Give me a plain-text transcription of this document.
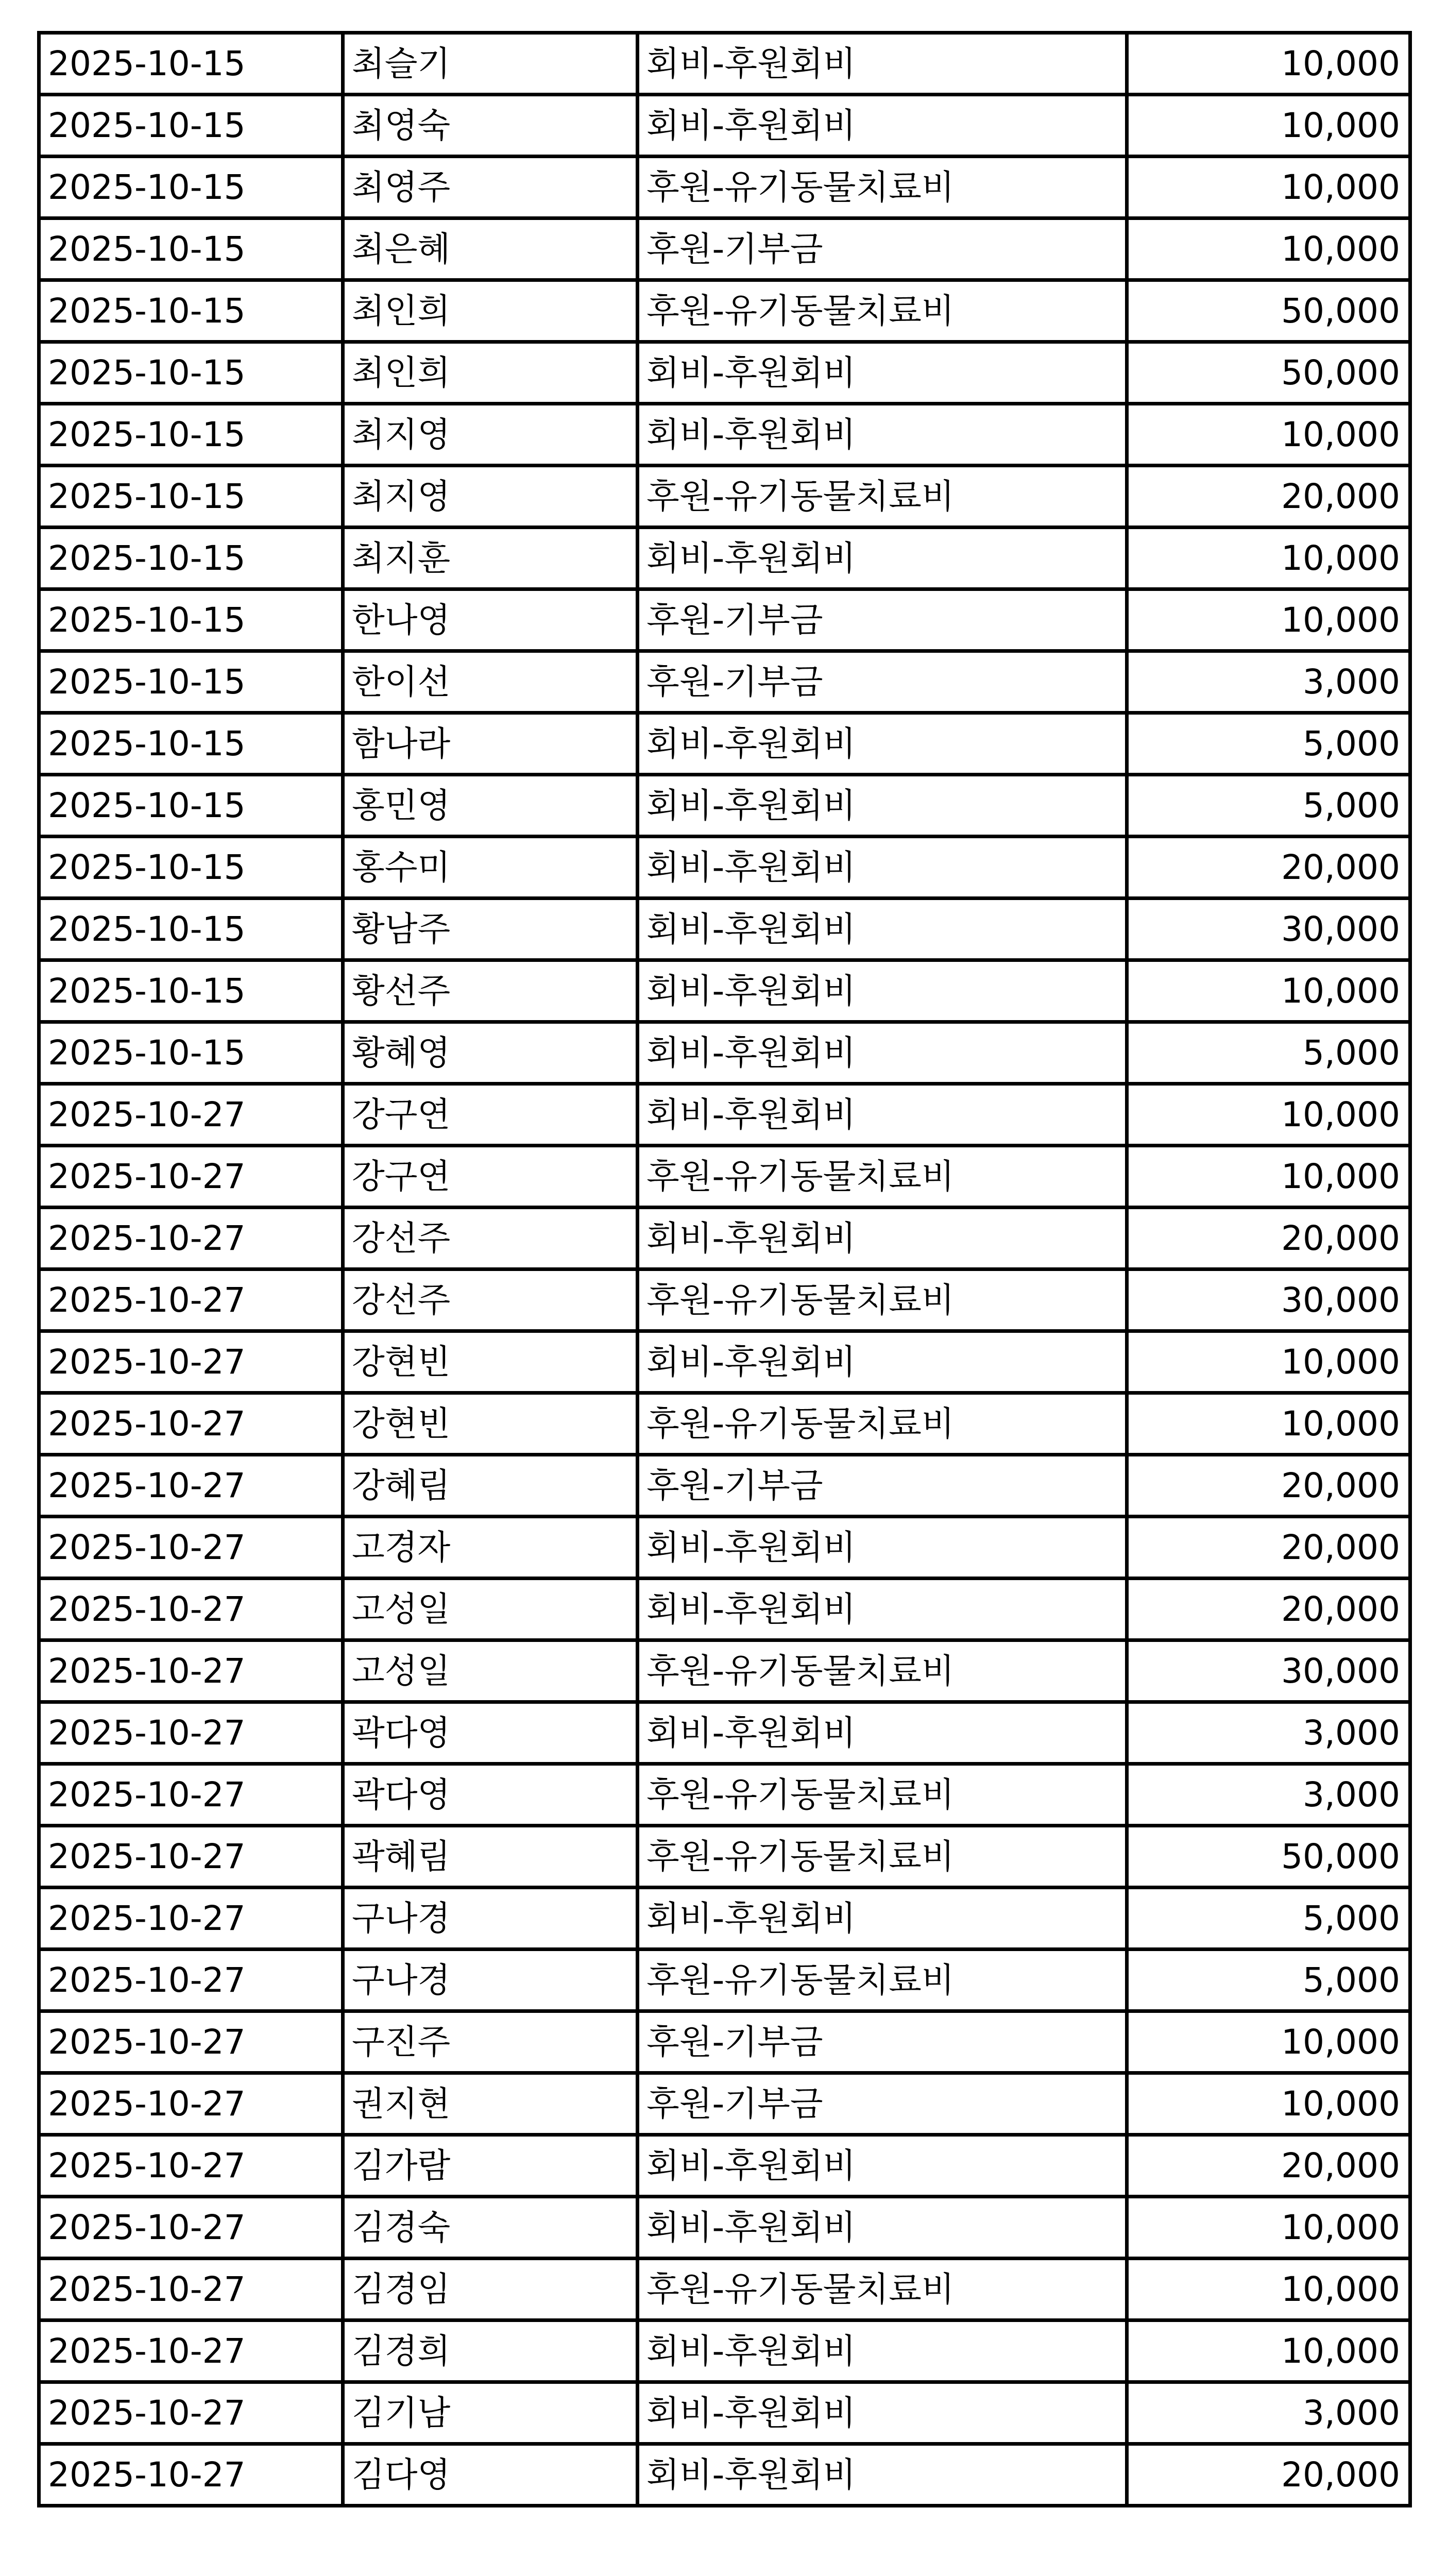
2025-10-15	최슬기	회비-후원회비	10,000
2025-10-15	최영숙	회비-후원회비	10,000
2025-10-15	최영주	후원-유기동물치료비	10,000
2025-10-15	최은혜	후원-기부금	10,000
2025-10-15	최인희	후원-유기동물치료비	50,000
2025-10-15	최인희	회비-후원회비	50,000
2025-10-15	최지영	회비-후원회비	10,000
2025-10-15	최지영	후원-유기동물치료비	20,000
2025-10-15	최지훈	회비-후원회비	10,000
2025-10-15	한나영	후원-기부금	10,000
2025-10-15	한이선	후원-기부금	3,000
2025-10-15	함나라	회비-후원회비	5,000
2025-10-15	홍민영	회비-후원회비	5,000
2025-10-15	홍수미	회비-후원회비	20,000
2025-10-15	황남주	회비-후원회비	30,000
2025-10-15	황선주	회비-후원회비	10,000
2025-10-15	황혜영	회비-후원회비	5,000
2025-10-27	강구연	회비-후원회비	10,000
2025-10-27	강구연	후원-유기동물치료비	10,000
2025-10-27	강선주	회비-후원회비	20,000
2025-10-27	강선주	후원-유기동물치료비	30,000
2025-10-27	강현빈	회비-후원회비	10,000
2025-10-27	강현빈	후원-유기동물치료비	10,000
2025-10-27	강혜림	후원-기부금	20,000
2025-10-27	고경자	회비-후원회비	20,000
2025-10-27	고성일	회비-후원회비	20,000
2025-10-27	고성일	후원-유기동물치료비	30,000
2025-10-27	곽다영	회비-후원회비	3,000
2025-10-27	곽다영	후원-유기동물치료비	3,000
2025-10-27	곽혜림	후원-유기동물치료비	50,000
2025-10-27	구나경	회비-후원회비	5,000
2025-10-27	구나경	후원-유기동물치료비	5,000
2025-10-27	구진주	후원-기부금	10,000
2025-10-27	권지현	후원-기부금	10,000
2025-10-27	김가람	회비-후원회비	20,000
2025-10-27	김경숙	회비-후원회비	10,000
2025-10-27	김경임	후원-유기동물치료비	10,000
2025-10-27	김경희	회비-후원회비	10,000
2025-10-27	김기남	회비-후원회비	3,000
2025-10-27	김다영	회비-후원회비	20,000
